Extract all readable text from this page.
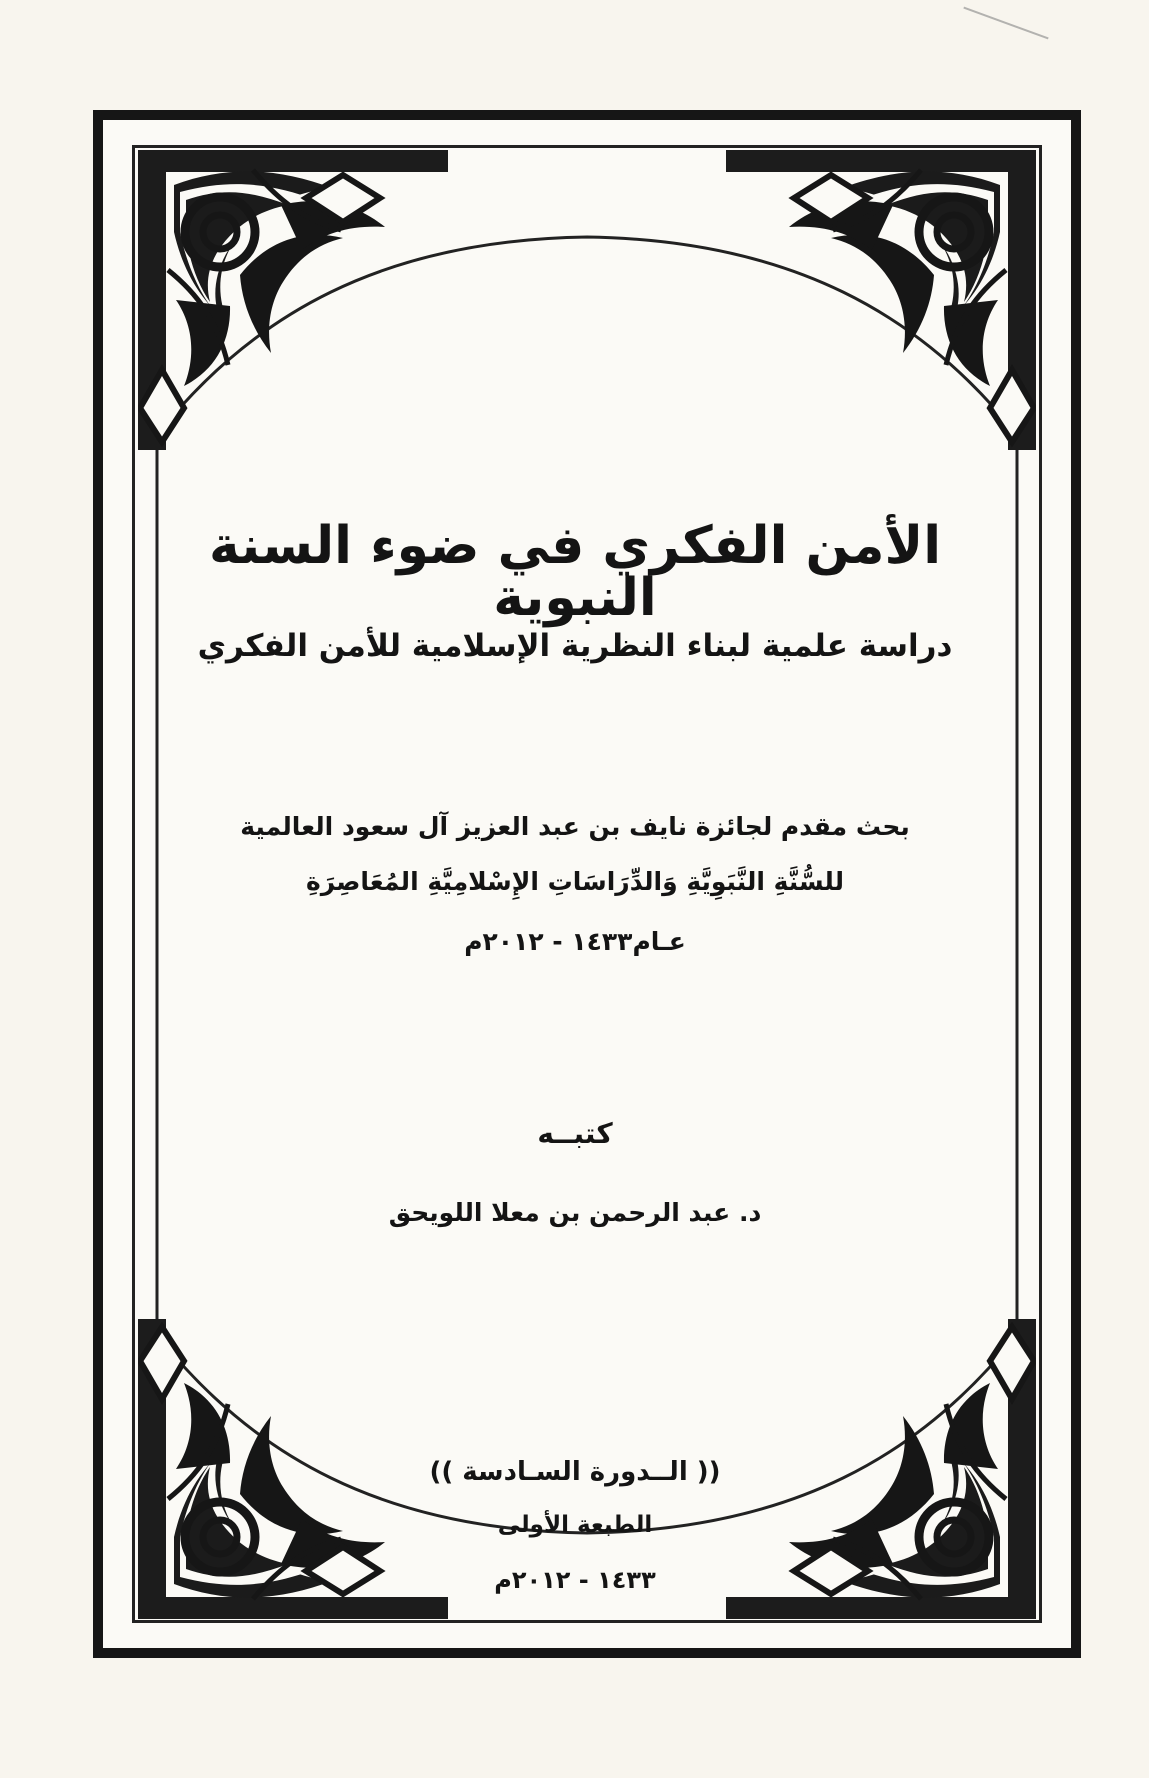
الأمن الفكري في ضوء السنة النبوية
دراسة علمية لبناء النظرية الإسلامية للأمن الفكري
بحث مقدم لجائزة نايف بن عبد العزيز آل سعود العالمية
للسُّنَّةِ النَّبَوِيَّةِ وَالدِّرَاسَاتِ الإِسْلامِيَّةِ المُعَاصِرَةِ
عـام١٤٣٣ - ٢٠١٢م
كتبــه
د. عبد الرحمن بن معلا اللويحق
(( الــدورة السـادسة ))
الطبعة الأولى
١٤٣٣ - ٢٠١٢م
